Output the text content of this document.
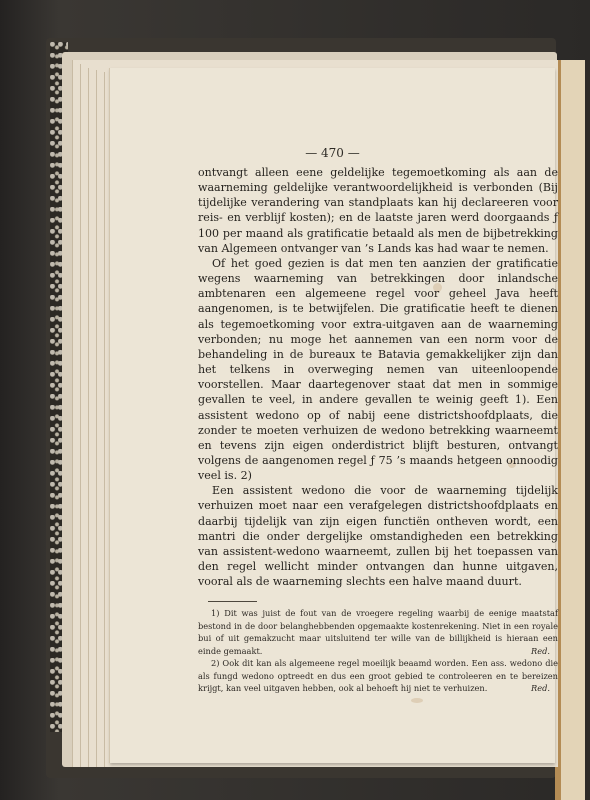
— 470 —

ontvangt alleen eene geldelijke tegemoetkoming als aan de waarneming geldelijke verantwoordelijkheid is verbonden (Bij tijdelijke verandering van standplaats kan hij declareeren voor reis- en verblijf kosten); en de laatste jaren werd doorgaands ƒ 100 per maand als gratificatie betaald als men de bijbetrekking van Algemeen ontvanger van ’s Lands kas had waar te nemen.

Of het goed gezien is dat men ten aanzien der gratificatie wegens waarneming van betrekkingen door inlandsche ambtenaren een algemeene regel voor geheel Java heeft aangenomen, is te betwijfelen. Die gratificatie heeft te dienen als tegemoetkoming voor extra-uitgaven aan de waarneming verbonden; nu moge het aannemen van een norm voor de behandeling in de bureaux te Batavia gemakkelijker zijn dan het telkens in overweging nemen van uiteenloopende voorstellen. Maar daartegenover staat dat men in sommige gevallen te veel, in andere gevallen te weinig geeft 1). Een assistent wedono op of nabij eene districtshoofdplaats, die zonder te moeten verhuizen de wedono betrekking waarneemt en tevens zijn eigen onderdistrict blijft besturen, ontvangt volgens de aangenomen regel ƒ 75 ’s maands hetgeen onnoodig veel is. 2)

Een assistent wedono die voor de waarneming tijdelijk verhuizen moet naar een verafgelegen districtshoofdplaats en daarbij tijdelijk van zijn eigen functiën ontheven wordt, een mantri die onder dergelijke omstandigheden een betrekking van assistent-wedono waarneemt, zullen bij het toepassen van den regel wellicht minder ontvangen dan hunne uitgaven, vooral als de waarneming slechts een halve maand duurt.

1) Dit was juist de fout van de vroegere regeling waarbij de eenige maatstaf bestond in de door belanghebbenden opgemaakte kostenrekening. Niet in een royale bui of uit gemakzucht maar uitsluitend ter wille van de billijkheid is hieraan een einde gemaakt.	Red.

2) Ook dit kan als algemeene regel moeilijk beaamd worden. Een ass. wedono die als fungd wedono optreedt en dus een groot gebied te controleeren en te bereizen krijgt, kan veel uitgaven hebben, ook al behoeft hij niet te verhuizen.	Red.
